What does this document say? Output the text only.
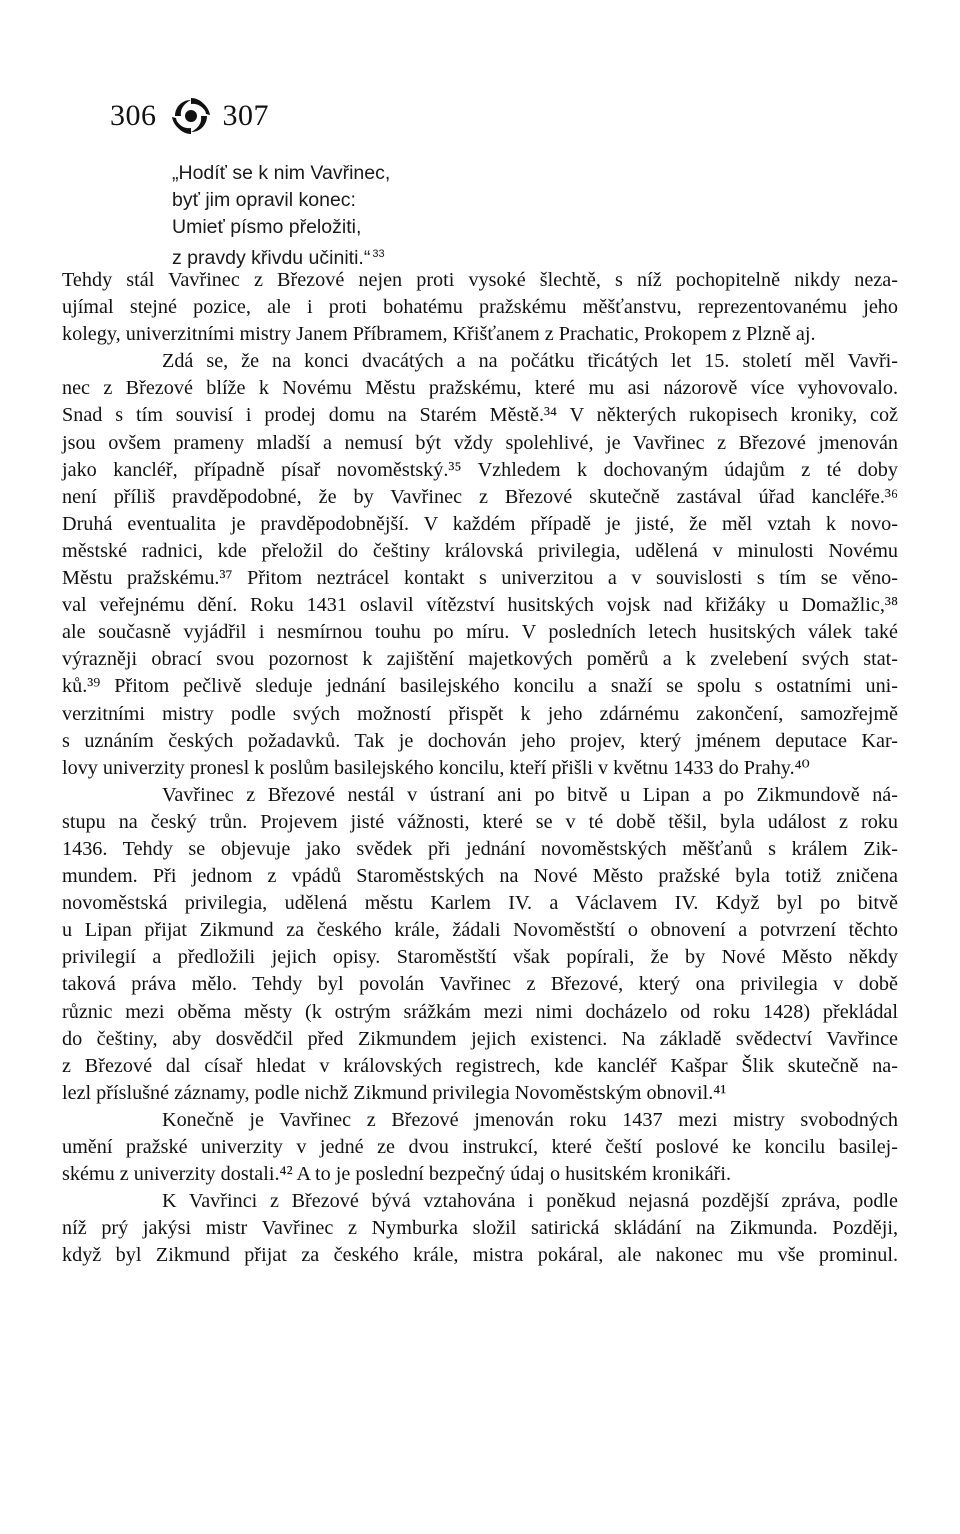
306 307
„Hodíť se k nim Vavřinec,
byť jim opravil konec:
Umieť písmo přeložiti,
z pravdy křivdu učiniti.“ $^{33}$
Tehdy stál Vavřinec z Březové nejen proti vysoké šlechtě, s níž pochopitelně nikdy neza-
ujímal stejné pozice, ale i proti bohatému pražskému měšťanstvu, reprezentovanému jeho
kolegy, univerzitními mistry Janem Příbramem, Křišťanem z Prachatic, Prokopem z Plzně aj.
Zdá se, že na konci dvacátých a na počátku třicátých let 15. století měl Vavři-
nec z Březové blíže k Novému Městu pražskému, které mu asi názorově více vyhovovalo.
Snad s tím souvisí i prodej domu na Starém Městě.³⁴ V některých rukopisech kroniky, což
jsou ovšem prameny mladší a nemusí být vždy spolehlivé, je Vavřinec z Březové jmenován
jako kancléř, případně písař novoměstský.³⁵ Vzhledem k dochovaným údajům z té doby
není příliš pravděpodobné, že by Vavřinec z Březové skutečně zastával úřad kancléře.³⁶
Druhá eventualita je pravděpodobnější. V každém případě je jisté, že měl vztah k novo-
městské radnici, kde přeložil do češtiny královská privilegia, udělená v minulosti Novému
Městu pražskému.³⁷ Přitom neztrácel kontakt s univerzitou a v souvislosti s tím se věno-
val veřejnému dění. Roku 1431 oslavil vítězství husitských vojsk nad křižáky u Domažlic,³⁸
ale současně vyjádřil i nesmírnou touhu po míru. V posledních letech husitských válek také
výrazněji obrací svou pozornost k zajištění majetkových poměrů a k zvelebení svých stat-
ků.³⁹ Přitom pečlivě sleduje jednání basilejského koncilu a snaží se spolu s ostatními uni-
verzitními mistry podle svých možností přispět k jeho zdárnému zakončení, samozřejmě
s uznáním českých požadavků. Tak je dochován jeho projev, který jménem deputace Kar-
lovy univerzity pronesl k poslům basilejského koncilu, kteří přišli v květnu 1433 do Prahy.⁴⁰
Vavřinec z Březové nestál v ústraní ani po bitvě u Lipan a po Zikmundově ná-
stupu na český trůn. Projevem jisté vážnosti, které se v té době těšil, byla událost z roku
1436. Tehdy se objevuje jako svědek při jednání novoměstských měšťanů s králem Zik-
mundem. Při jednom z vpádů Staroměstských na Nové Město pražské byla totiž zničena
novoměstská privilegia, udělená městu Karlem IV. a Václavem IV. Když byl po bitvě
u Lipan přijat Zikmund za českého krále, žádali Novoměstští o obnovení a potvrzení těchto
privilegií a předložili jejich opisy. Staroměstští však popírali, že by Nové Město někdy
taková práva mělo. Tehdy byl povolán Vavřinec z Březové, který ona privilegia v době
různic mezi oběma městy (k ostrým srážkám mezi nimi docházelo od roku 1428) překládal
do češtiny, aby dosvědčil před Zikmundem jejich existenci. Na základě svědectví Vavřince
z Březové dal císař hledat v královských registrech, kde kancléř Kašpar Šlik skutečně na-
lezl příslušné záznamy, podle nichž Zikmund privilegia Novoměstským obnovil.⁴¹
Konečně je Vavřinec z Březové jmenován roku 1437 mezi mistry svobodných
umění pražské univerzity v jedné ze dvou instrukcí, které čeští poslové ke koncilu basilej-
skému z univerzity dostali.⁴² A to je poslední bezpečný údaj o husitském kronikáři.
K Vavřinci z Březové bývá vztahována i poněkud nejasná pozdější zpráva, podle
níž prý jakýsi mistr Vavřinec z Nymburka složil satirická skládání na Zikmunda. Později,
když byl Zikmund přijat za českého krále, mistra pokáral, ale nakonec mu vše prominul.
